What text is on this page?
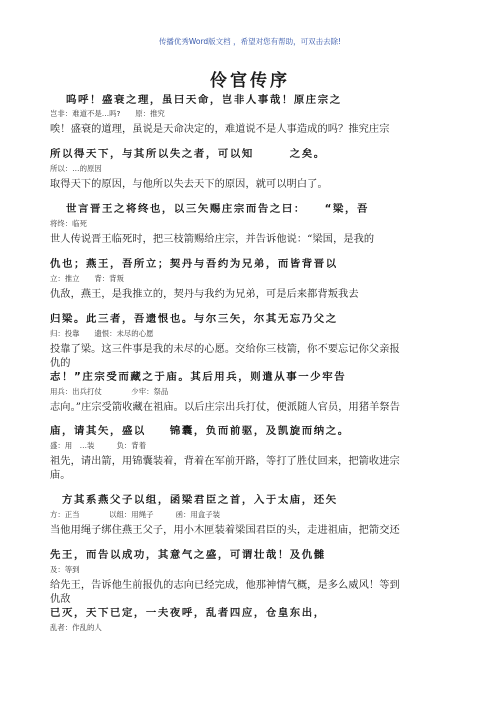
传播优秀Word版文档 ，希望对您有帮助，可双击去除!
伶官传序
呜呼！盛衰之理，虽曰天命，岂非人事哉！原庄宗之
岂非：难道不是…吗?　　原：推究
唉！盛衰的道理，虽说是天命决定的，难道说不是人事造成的吗？推究庄宗
所以得天下，与其所以失之者，可以知　　　之矣。
所以：…的原因
取得天下的原因，与他所以失去天下的原因，就可以明白了。
世言晋王之将终也，以三矢赐庄宗而告之曰：　　“梁，吾
将终：临死
世人传说晋王临死时，把三枝箭赐给庄宗，并告诉他说：“梁国，是我的
仇也；燕王，吾所立；契丹与吾约为兄弟，而皆背晋以
立：推立　　背：背叛
仇敌，燕王，是我推立的，契丹与我约为兄弟，可是后来都背叛我去
归梁。此三者，吾遗恨也。与尔三矢，尔其无忘乃父之
归：投靠　　遗恨：未尽的心愿
投靠了梁。这三件事是我的未尽的心愿。交给你三枝箭，你不要忘记你父亲报
仇的
志！”庄宗受而藏之于庙。其后用兵，则遣从事一少牢告
用兵：出兵打仗　　　　少牢：祭品
志向。”庄宗受箭收藏在祖庙。以后庄宗出兵打仗，便派随人官员，用猪羊祭告
庙，请其矢，盛以　　锦囊，负而前驱，及凯旋而纳之。
盛：用　…装　　　负：背着
祖先，请出箭，用锦囊装着，背着在军前开路，等打了胜仗回来，把箭收进宗
庙。
　方其系燕父子以组，函梁君臣之首，入于太庙，还矢
方：正当　　　　以组：用绳子　　　函：用盒子装
当他用绳子绑住燕王父子，用小木匣装着梁国君臣的头，走进祖庙，把箭交还
先王，而告以成功，其意气之盛，可谓壮哉！及仇雠
及：等到
给先王，告诉他生前报仇的志向已经完成，他那神情气概，是多么威风！等到
仇敌
已灭，天下已定，一夫夜呼，乱者四应，仓皇东出，
乱者：作乱的人
